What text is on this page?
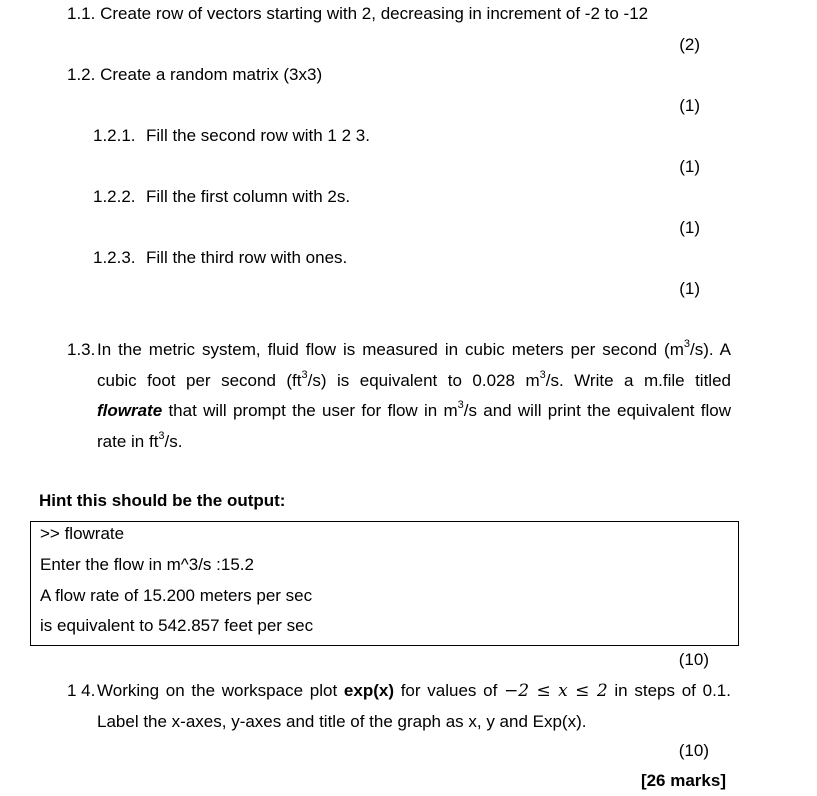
1.1. Create row of vectors starting with 2, decreasing in increment of -2 to -12
(2)
1.2. Create a random matrix (3x3)
(1)
1.2.1. Fill the second row with 1 2 3.
(1)
1.2.2. Fill the first column with 2s.
(1)
1.2.3. Fill the third row with ones.
(1)
1.3. In the metric system, fluid flow is measured in cubic meters per second $(m^3/s)$. A
cubic foot per second $(ft^3/s)$ is equivalent to 0.028 $m^3/s$. Write a m.file titled
flowrate that will prompt the user for flow in $m^3/s$ and will print the equivalent flow
rate in $ft^3/s$.
Hint this should be the output:
>> flowrate
Enter the flow in m^3/s :15.2
A flow rate of 15.200 meters per sec
is equivalent to 542.857 feet per sec
(10)
1 4. Working on the workspace plot exp(x) for values of −2 ≤ x ≤ 2 in steps of 0.1.
Label the x-axes, y-axes and title of the graph as x, y and Exp(x).
(10)
[26 marks]
